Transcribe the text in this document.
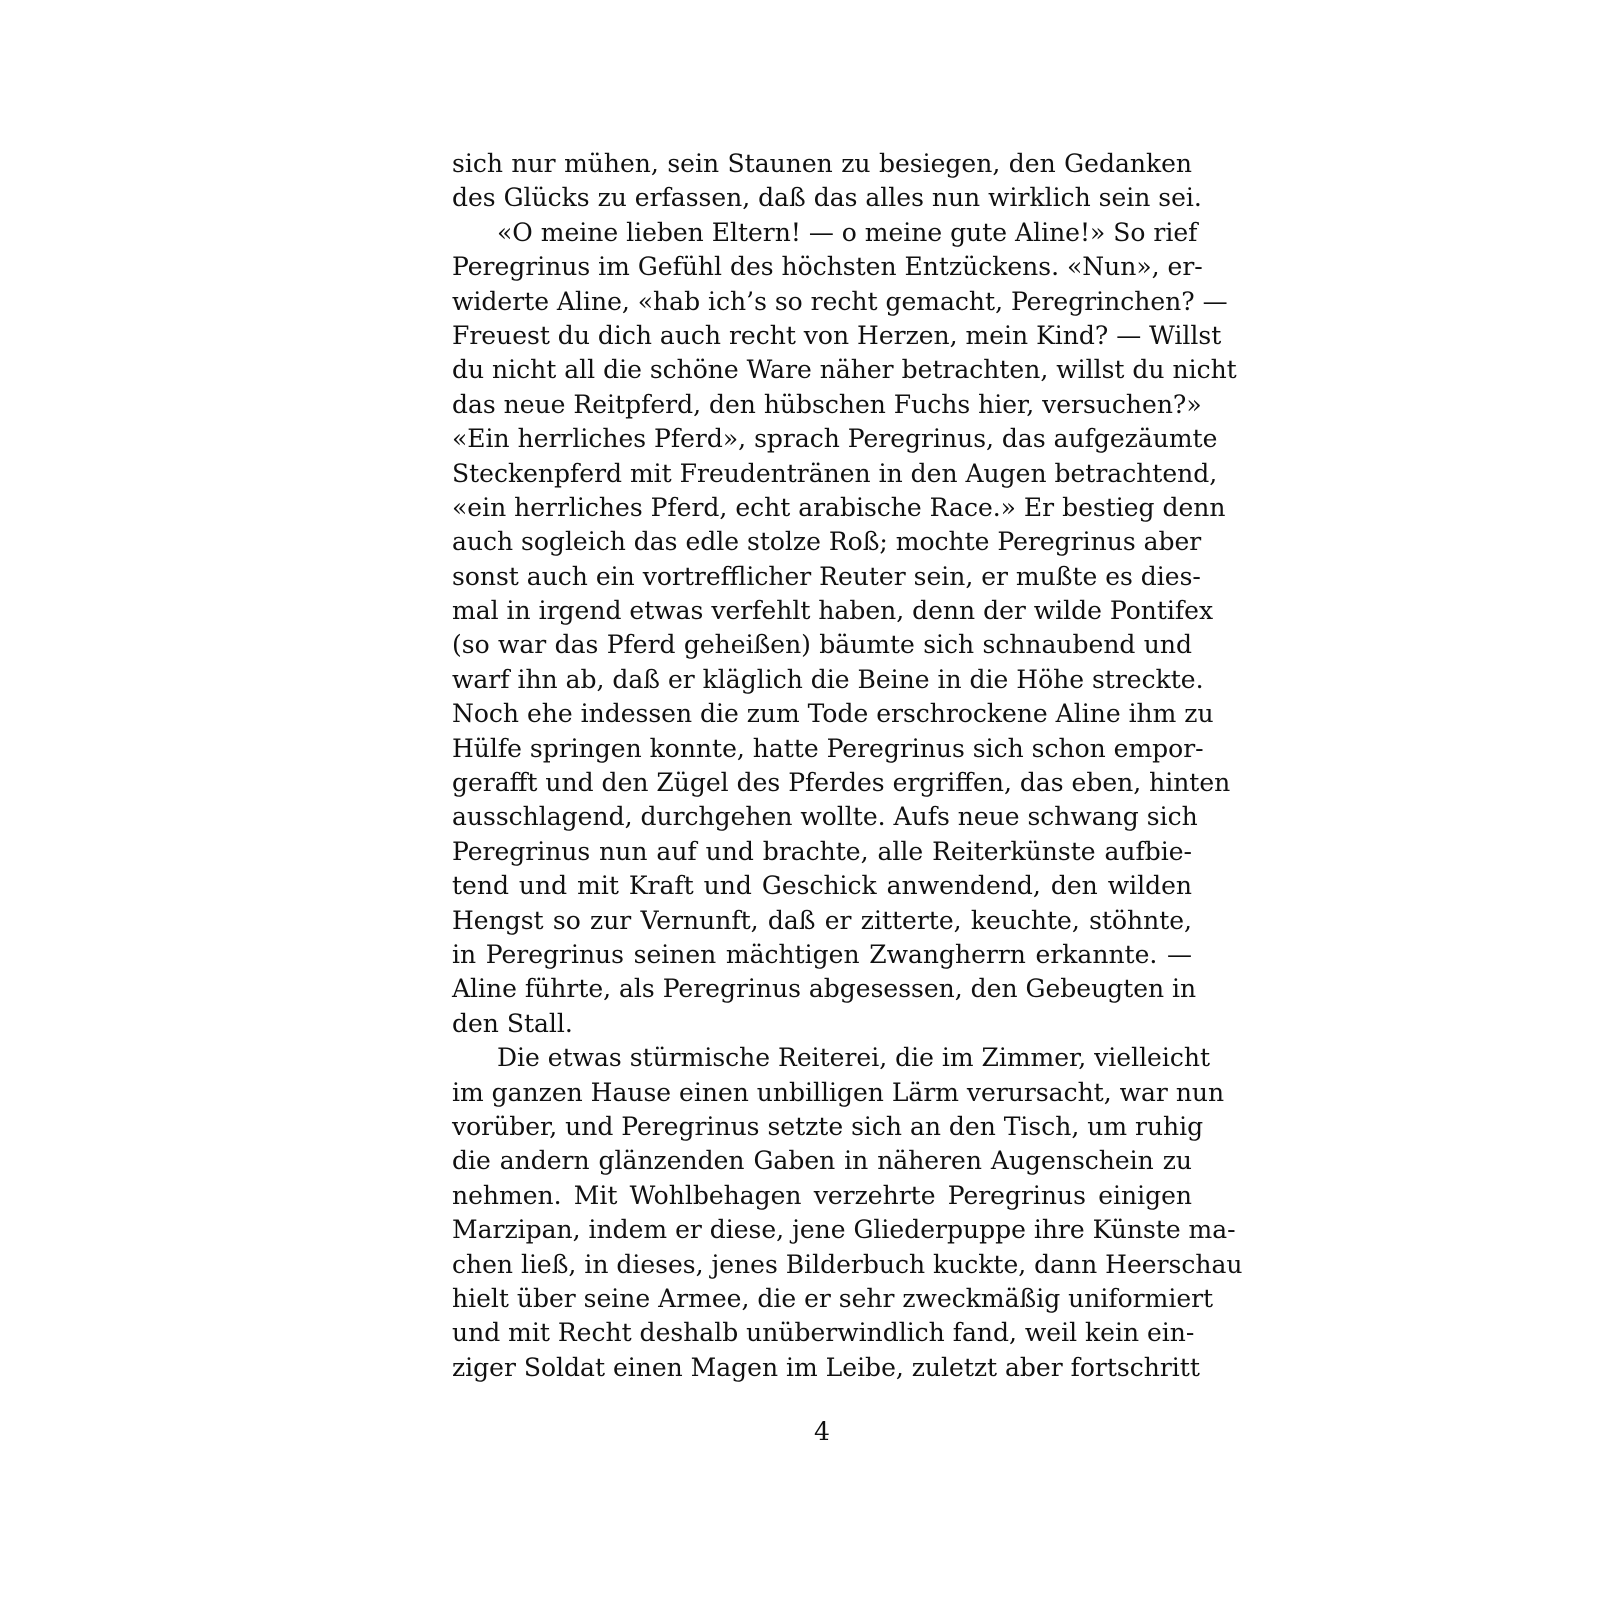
sich nur mühen, sein Staunen zu besiegen, den Gedanken
des Glücks zu erfassen, daß das alles nun wirklich sein sei.
«O meine lieben Eltern! — o meine gute Aline!» So rief
Peregrinus im Gefühl des höchsten Entzückens. «Nun», er-
widerte Aline, «hab ich’s so recht gemacht, Peregrinchen? —
Freuest du dich auch recht von Herzen, mein Kind? — Willst
du nicht all die schöne Ware näher betrachten, willst du nicht
das neue Reitpferd, den hübschen Fuchs hier, versuchen?»
«Ein herrliches Pferd», sprach Peregrinus, das aufgezäumte
Steckenpferd mit Freudentränen in den Augen betrachtend,
«ein herrliches Pferd, echt arabische Race.» Er bestieg denn
auch sogleich das edle stolze Roß; mochte Peregrinus aber
sonst auch ein vortrefflicher Reuter sein, er mußte es dies-
mal in irgend etwas verfehlt haben, denn der wilde Pontifex
(so war das Pferd geheißen) bäumte sich schnaubend und
warf ihn ab, daß er kläglich die Beine in die Höhe streckte.
Noch ehe indessen die zum Tode erschrockene Aline ihm zu
Hülfe springen konnte, hatte Peregrinus sich schon empor-
gerafft und den Zügel des Pferdes ergriffen, das eben, hinten
ausschlagend, durchgehen wollte. Aufs neue schwang sich
Peregrinus nun auf und brachte, alle Reiterkünste aufbie-
tend und mit Kraft und Geschick anwendend, den wilden
Hengst so zur Vernunft, daß er zitterte, keuchte, stöhnte,
in Peregrinus seinen mächtigen Zwangherrn erkannte. —
Aline führte, als Peregrinus abgesessen, den Gebeugten in
den Stall.
Die etwas stürmische Reiterei, die im Zimmer, vielleicht
im ganzen Hause einen unbilligen Lärm verursacht, war nun
vorüber, und Peregrinus setzte sich an den Tisch, um ruhig
die andern glänzenden Gaben in näheren Augenschein zu
nehmen. Mit Wohlbehagen verzehrte Peregrinus einigen
Marzipan, indem er diese, jene Gliederpuppe ihre Künste ma-
chen ließ, in dieses, jenes Bilderbuch kuckte, dann Heerschau
hielt über seine Armee, die er sehr zweckmäßig uniformiert
und mit Recht deshalb unüberwindlich fand, weil kein ein-
ziger Soldat einen Magen im Leibe, zuletzt aber fortschritt
4
